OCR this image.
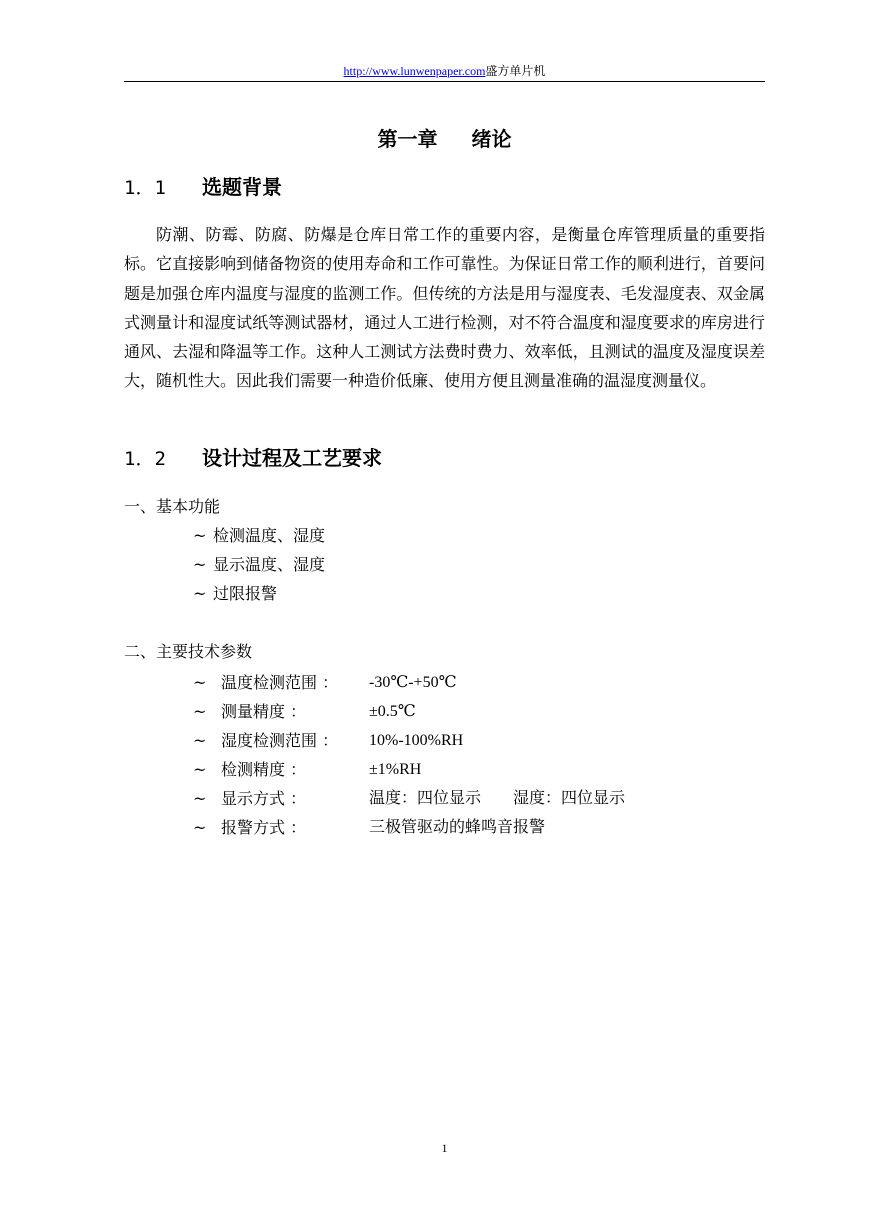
http://www.lunwenpaper.com盛方单片机
第一章 绪论
1．1 选题背景

防潮、防霉、防腐、防爆是仓库日常工作的重要内容，是衡量仓库管理质量的重要指标。它直接影响到储备物资的使用寿命和工作可靠性。为保证日常工作的顺利进行，首要问题是加强仓库内温度与湿度的监测工作。但传统的方法是用与湿度表、毛发湿度表、双金属式测量计和湿度试纸等测试器材，通过人工进行检测，对不符合温度和湿度要求的库房进行通风、去湿和降温等工作。这种人工测试方法费时费力、效率低，且测试的温度及湿度误差大，随机性大。因此我们需要一种造价低廉、使用方便且测量准确的温湿度测量仪。

1．2 设计过程及工艺要求
一、基本功能
~ 检测温度、湿度
~ 显示温度、湿度
~ 过限报警
二、主要技术参数
~ 温度检测范围 ： -30℃-+50℃
~ 测量精度 ：	±0.5℃
~ 湿度检测范围 ： 10%-100%RH
~ 检测精度 ：	±1%RH
~ 显示方式 ：	温度：四位显示　　湿度：四位显示
~ 报警方式 ：	三极管驱动的蜂鸣音报警
1
